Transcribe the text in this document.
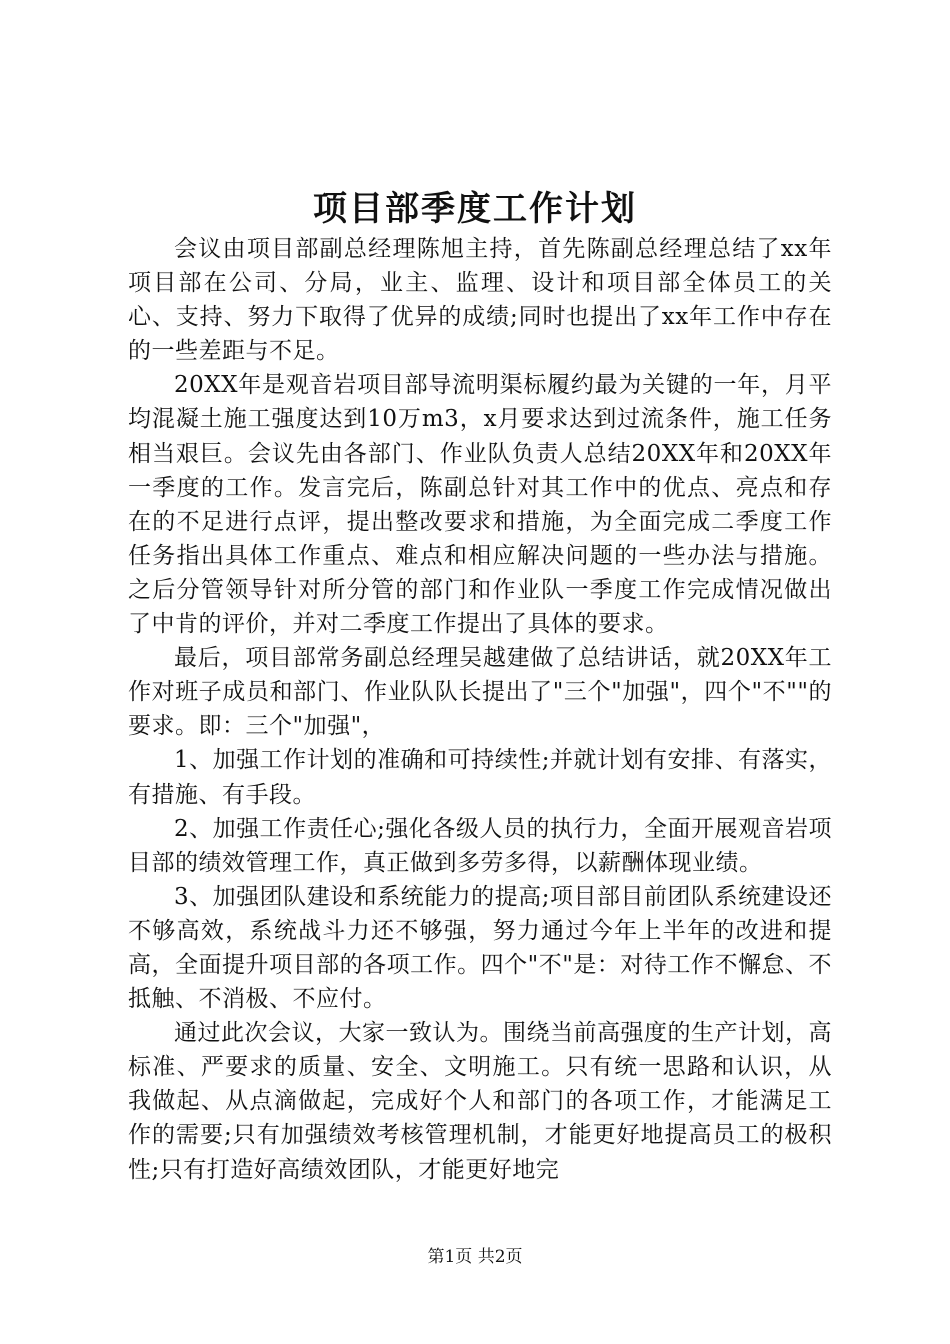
项目部季度工作计划

会议由项目部副总经理陈旭主持，首先陈副总经理总结了xx年项目部在公司、分局，业主、监理、设计和项目部全体员工的关心、支持、努力下取得了优异的成绩;同时也提出了xx年工作中存在的一些差距与不足。

20XX年是观音岩项目部导流明渠标履约最为关键的一年，月平均混凝土施工强度达到10万m3，x月要求达到过流条件，施工任务相当艰巨。会议先由各部门、作业队负责人总结20XX年和20XX年一季度的工作。发言完后，陈副总针对其工作中的优点、亮点和存在的不足进行点评，提出整改要求和措施，为全面完成二季度工作任务指出具体工作重点、难点和相应解决问题的一些办法与措施。之后分管领导针对所分管的部门和作业队一季度工作完成情况做出了中肯的评价，并对二季度工作提出了具体的要求。

最后，项目部常务副总经理吴越建做了总结讲话，就20XX年工作对班子成员和部门、作业队队长提出了"三个"加强"，四个"不""的要求。即：三个"加强"，

1、加强工作计划的准确和可持续性;并就计划有安排、有落实，有措施、有手段。

2、加强工作责任心;强化各级人员的执行力，全面开展观音岩项目部的绩效管理工作，真正做到多劳多得，以薪酬体现业绩。

3、加强团队建设和系统能力的提高;项目部目前团队系统建设还不够高效，系统战斗力还不够强，努力通过今年上半年的改进和提高，全面提升项目部的各项工作。四个"不"是：对待工作不懈怠、不抵触、不消极、不应付。

通过此次会议，大家一致认为。围绕当前高强度的生产计划，高标准、严要求的质量、安全、文明施工。只有统一思路和认识，从我做起、从点滴做起，完成好个人和部门的各项工作，才能满足工作的需要;只有加强绩效考核管理机制，才能更好地提高员工的极积性;只有打造好高绩效团队，才能更好地完

第1页 共2页
